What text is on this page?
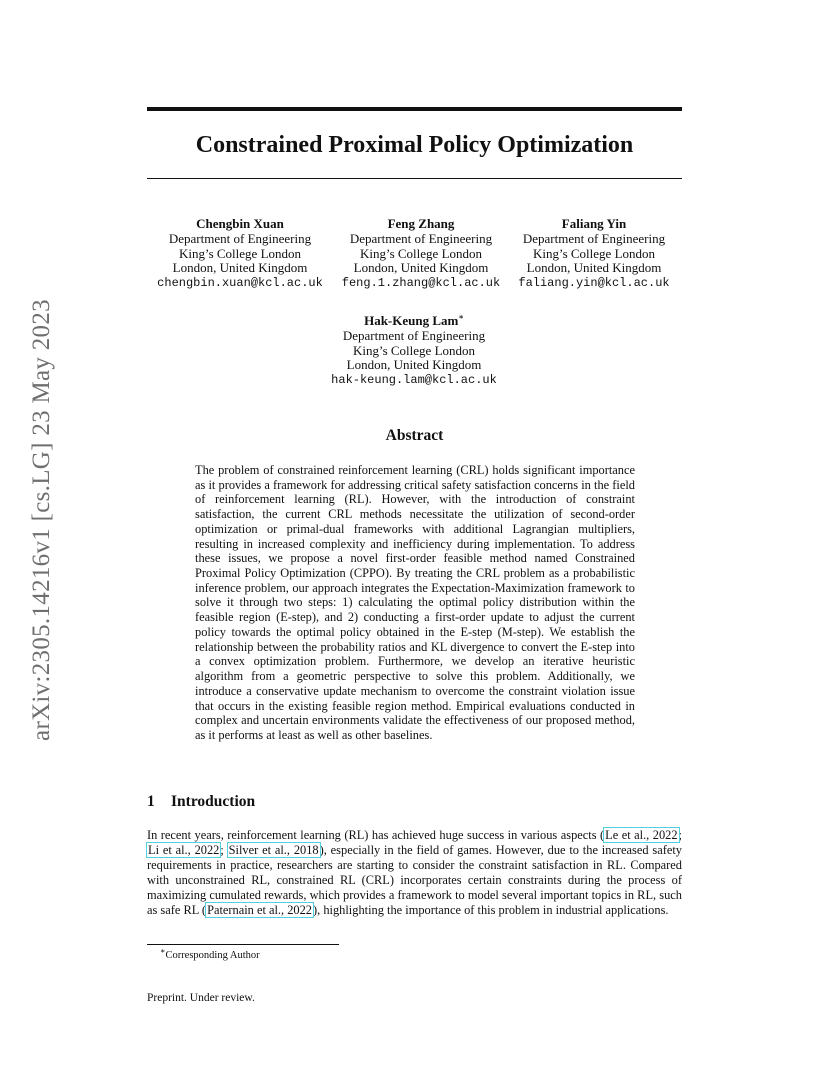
arXiv:2305.14216v1 [cs.LG] 23 May 2023
Constrained Proximal Policy Optimization
Chengbin Xuan
Department of Engineering
King’s College London
London, United Kingdom
chengbin.xuan@kcl.ac.uk
Feng Zhang
Department of Engineering
King’s College London
London, United Kingdom
feng.1.zhang@kcl.ac.uk
Faliang Yin
Department of Engineering
King’s College London
London, United Kingdom
faliang.yin@kcl.ac.uk
Hak-Keung Lam∗
Department of Engineering
King’s College London
London, United Kingdom
hak-keung.lam@kcl.ac.uk
Abstract

The problem of constrained reinforcement learning (CRL) holds significant importance as it provides a framework for addressing critical safety satisfaction concerns in the field of reinforcement learning (RL). However, with the introduction of constraint satisfaction, the current CRL methods necessitate the utilization of second-order optimization or primal-dual frameworks with additional Lagrangian multipliers, resulting in increased complexity and inefficiency during implementation. To address these issues, we propose a novel first-order feasible method named Constrained Proximal Policy Optimization (CPPO). By treating the CRL problem as a probabilistic inference problem, our approach integrates the Expectation-Maximization framework to solve it through two steps: 1) calculating the optimal policy distribution within the feasible region (E-step), and 2) conducting a first-order update to adjust the current policy towards the optimal policy obtained in the E-step (M-step). We establish the relationship between the probability ratios and KL divergence to convert the E-step into a convex optimization problem. Furthermore, we develop an iterative heuristic algorithm from a geometric perspective to solve this problem. Additionally, we introduce a conservative update mechanism to overcome the constraint violation issue that occurs in the existing feasible region method. Empirical evaluations conducted in complex and uncertain environments validate the effectiveness of our proposed method, as it performs at least as well as other baselines.

1 Introduction

In recent years, reinforcement learning (RL) has achieved huge success in various aspects (Le et al., 2022; Li et al., 2022; Silver et al., 2018), especially in the field of games. However, due to the increased safety requirements in practice, researchers are starting to consider the constraint satisfaction in RL. Compared with unconstrained RL, constrained RL (CRL) incorporates certain constraints during the process of maximizing cumulated rewards, which provides a framework to model several important topics in RL, such as safe RL (Paternain et al., 2022), highlighting the importance of this problem in industrial applications.

∗Corresponding Author

Preprint. Under review.
